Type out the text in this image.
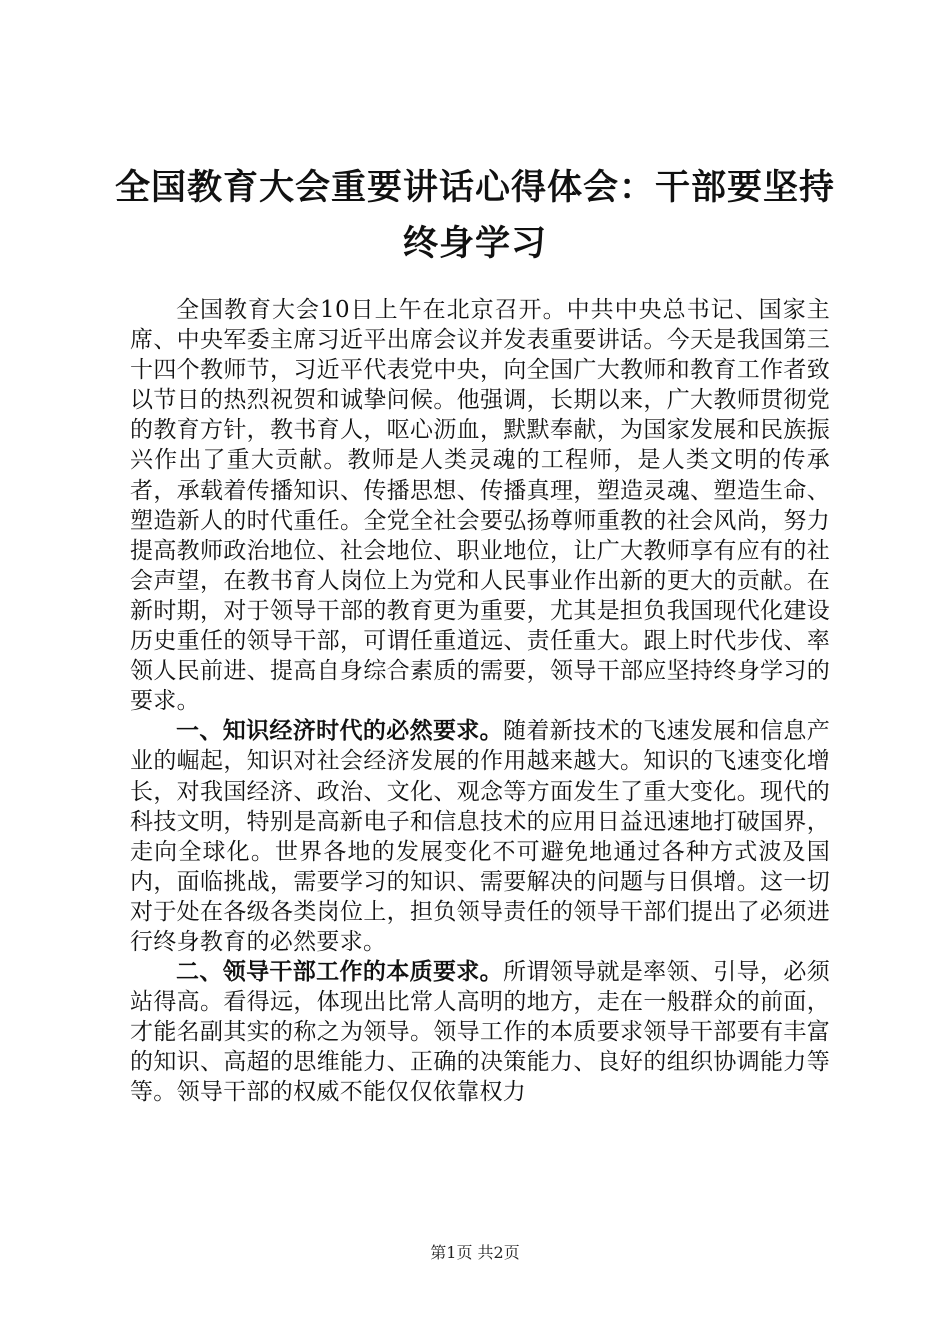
全国教育大会重要讲话心得体会：干部要坚持
终身学习

全国教育大会10日上午在北京召开。中共中央总书记、国家主席、中央军委主席习近平出席会议并发表重要讲话。今天是我国第三十四个教师节，习近平代表党中央，向全国广大教师和教育工作者致以节日的热烈祝贺和诚挚问候。他强调，长期以来，广大教师贯彻党的教育方针，教书育人，呕心沥血，默默奉献，为国家发展和民族振兴作出了重大贡献。教师是人类灵魂的工程师，是人类文明的传承者，承载着传播知识、传播思想、传播真理，塑造灵魂、塑造生命、塑造新人的时代重任。全党全社会要弘扬尊师重教的社会风尚，努力提高教师政治地位、社会地位、职业地位，让广大教师享有应有的社会声望，在教书育人岗位上为党和人民事业作出新的更大的贡献。在新时期，对于领导干部的教育更为重要，尤其是担负我国现代化建设历史重任的领导干部，可谓任重道远、责任重大。跟上时代步伐、率领人民前进、提高自身综合素质的需要，领导干部应坚持终身学习的要求。

一、知识经济时代的必然要求。随着新技术的飞速发展和信息产业的崛起，知识对社会经济发展的作用越来越大。知识的飞速变化增长，对我国经济、政治、文化、观念等方面发生了重大变化。现代的科技文明，特别是高新电子和信息技术的应用日益迅速地打破国界，走向全球化。世界各地的发展变化不可避免地通过各种方式波及国内，面临挑战，需要学习的知识、需要解决的问题与日俱增。这一切对于处在各级各类岗位上，担负领导责任的领导干部们提出了必须进行终身教育的必然要求。

二、领导干部工作的本质要求。所谓领导就是率领、引导，必须站得高。看得远，体现出比常人高明的地方，走在一般群众的前面，才能名副其实的称之为领导。领导工作的本质要求领导干部要有丰富的知识、高超的思维能力、正确的决策能力、良好的组织协调能力等等。领导干部的权威不能仅仅依靠权力

第1页 共2页
